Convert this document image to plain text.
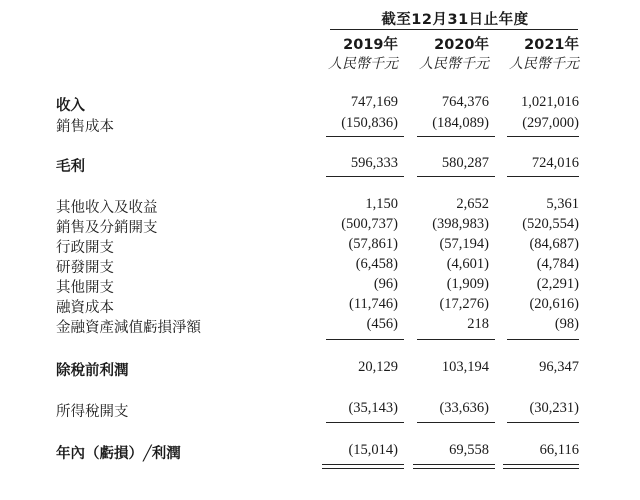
截至12月31日止年度
2019年	2020年	2021年
人民幣千元	人民幣千元	人民幣千元
收入	747,169	764,376	1,021,016
銷售成本	(150,836)	(184,089)	(297,000)
毛利	596,333	580,287	724,016
其他收入及收益	1,150	2,652	5,361
銷售及分銷開支	(500,737)	(398,983)	(520,554)
行政開支	(57,861)	(57,194)	(84,687)
研發開支	(6,458)	(4,601)	(4,784)
其他開支	(96)	(1,909)	(2,291)
融資成本	(11,746)	(17,276)	(20,616)
金融資產減值虧損淨額	(456)	218	(98)
除稅前利潤	20,129	103,194	96,347
所得稅開支	(35,143)	(33,636)	(30,231)
年內（虧損）╱利潤	(15,014)	69,558	66,116
